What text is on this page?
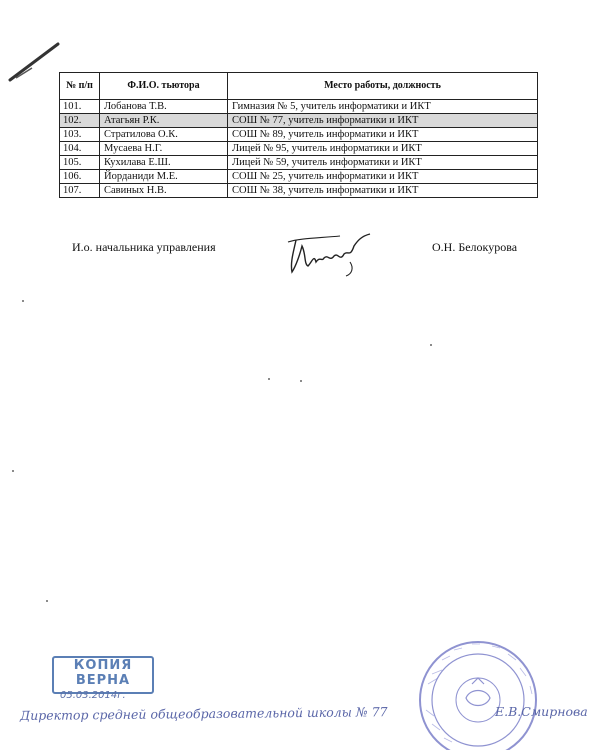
№ п/п	Ф.И.О. тьютора	Место работы, должность
101.	Лобанова Т.В.	Гимназия № 5, учитель информатики и ИКТ
102.	Атагьян Р.К.	СОШ № 77, учитель информатики и ИКТ
103.	Стратилова О.К.	СОШ № 89, учитель информатики и ИКТ
104.	Мусаева Н.Г.	Лицей № 95, учитель информатики и ИКТ
105.	Кухилава Е.Ш.	Лицей № 59, учитель информатики и ИКТ
106.	Йорданиди М.Е.	СОШ № 25, учитель информатики и ИКТ
107.	Савиных Н.В.	СОШ № 38, учитель информатики и ИКТ
И.о. начальника управления	О.Н. Белокурова
КОПИЯ
ВЕРНА
05.03.2014г.
Директор средней общеобразовательной школы № 77	Е.В.Смирнова
